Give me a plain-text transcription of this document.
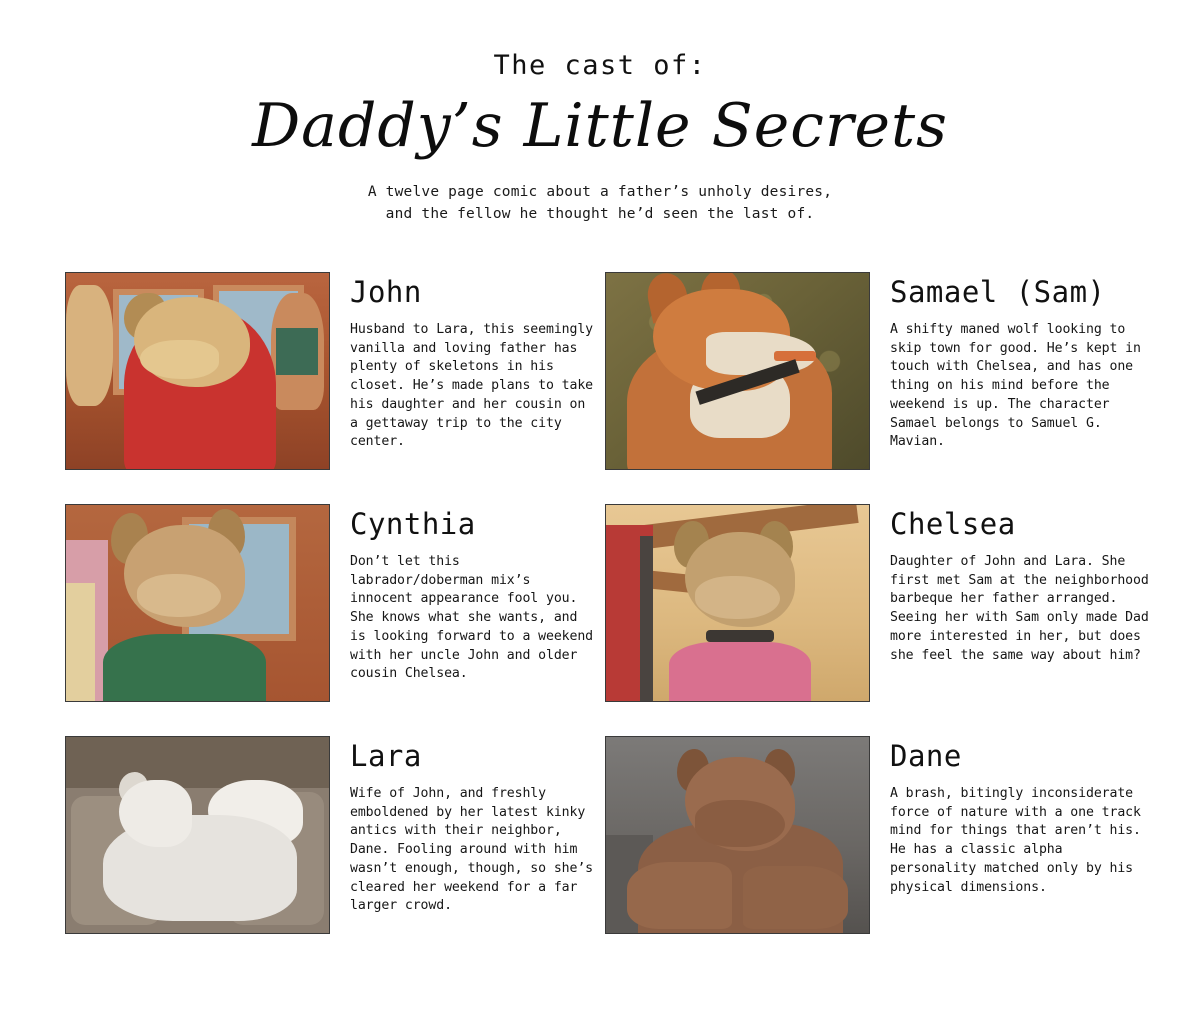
The cast of:
Daddy’s Little Secrets
A twelve page comic about a father’s unholy desires,
and the fellow he thought he’d seen the last of.
John
Husband to Lara, this seemingly vanilla and loving father has plenty of skeletons in his closet. He’s made plans to take his daughter and her cousin on a gettaway trip to the city center.
Samael (Sam)
A shifty maned wolf looking to skip town for good. He’s kept in touch with Chelsea, and has one thing on his mind before the weekend is up. The character Samael belongs to Samuel G. Mavian.
Cynthia
Don’t let this labrador/doberman mix’s innocent appearance fool you. She knows what she wants, and is looking forward to a weekend with her uncle John and older cousin Chelsea.
Chelsea
Daughter of John and Lara. She first met Sam at the neighborhood barbeque her father arranged. Seeing her with Sam only made Dad more interested in her, but does she feel the same way about him?
Lara
Wife of John, and freshly emboldened by her latest kinky antics with their neighbor, Dane. Fooling around with him wasn’t enough, though, so she’s cleared her weekend for a far larger crowd.
Dane
A brash, bitingly inconsiderate force of nature with a one track mind for things that aren’t his. He has a classic alpha personality matched only by his physical dimensions.
